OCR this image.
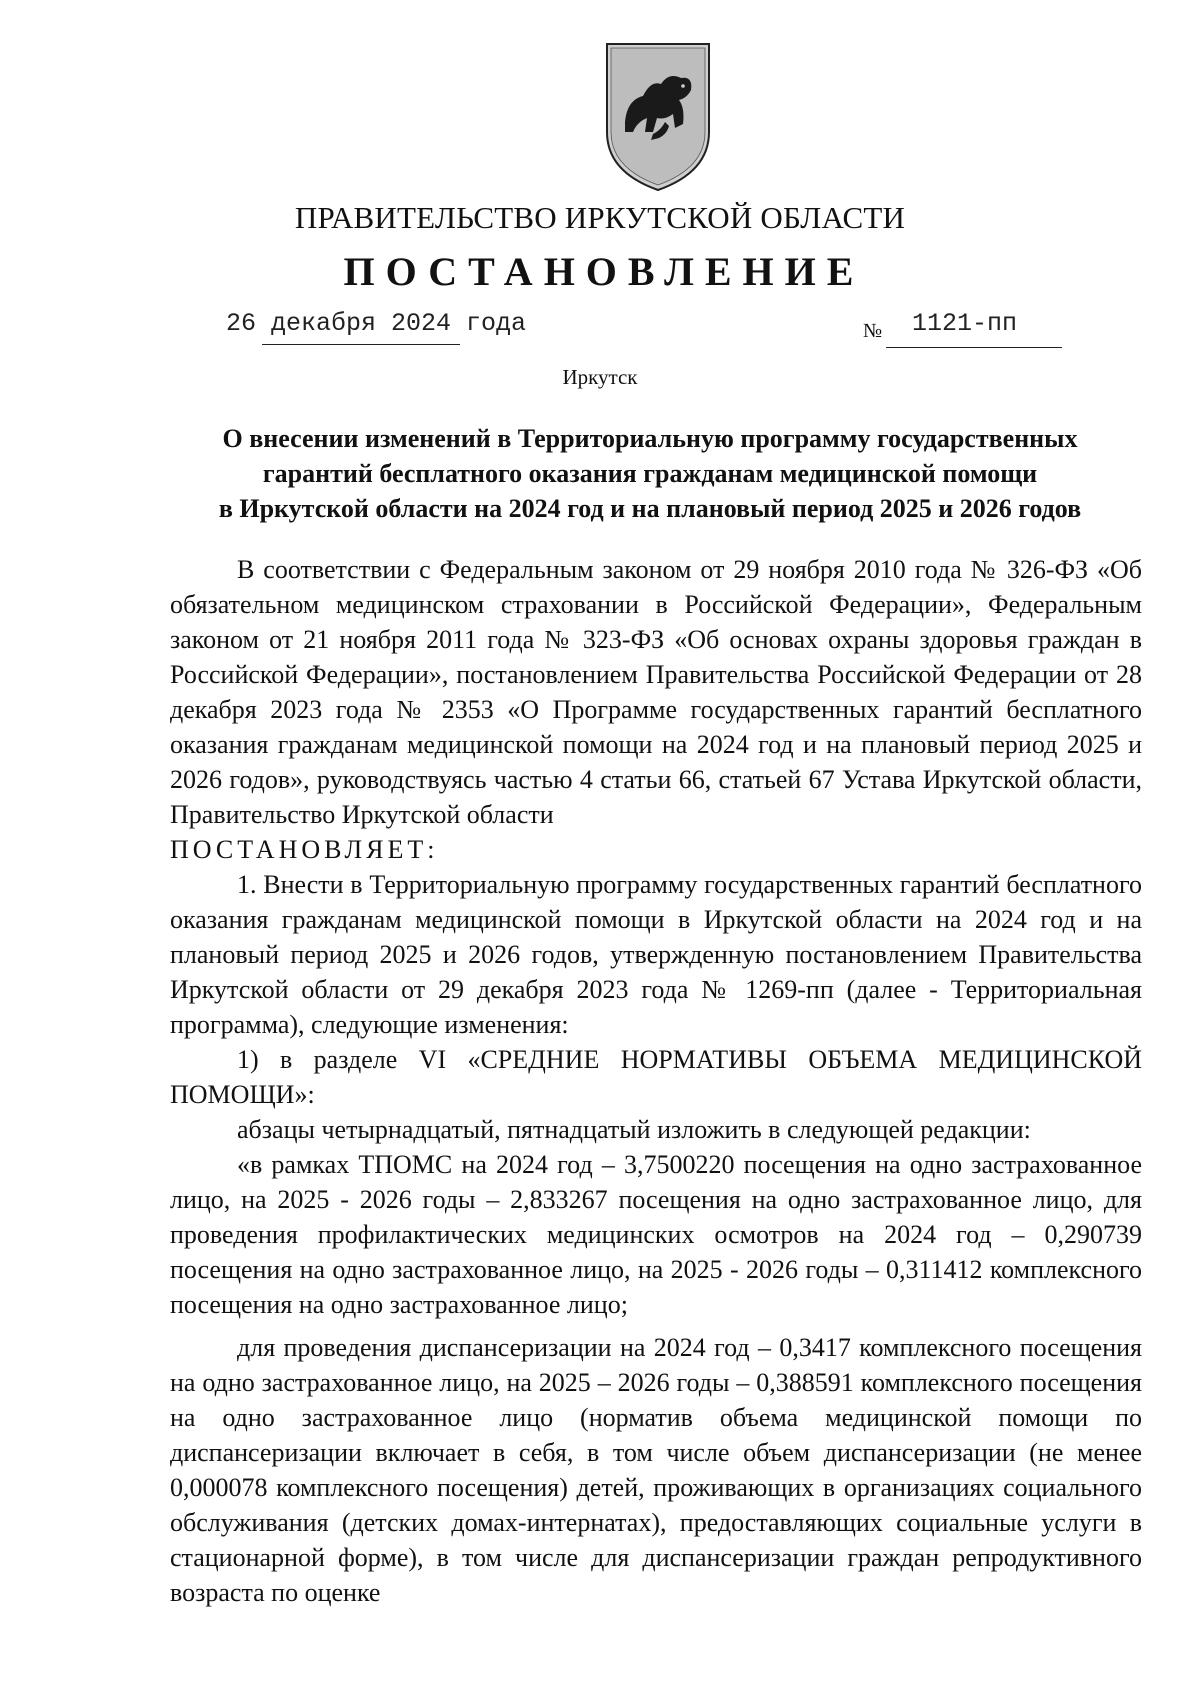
ПРАВИТЕЛЬСТВО ИРКУТСКОЙ ОБЛАСТИ
ПОСТАНОВЛЕНИЕ
26 декабря 2024 года	№ 1121-пп
Иркутск
О внесении изменений в Территориальную программу государственных
гарантий бесплатного оказания гражданам медицинской помощи
в Иркутской области на 2024 год и на плановый период 2025 и 2026 годов

В соответствии с Федеральным законом от 29 ноября 2010 года № 326-ФЗ «Об обязательном медицинском страховании в Российской Федерации», Федеральным законом от 21 ноября 2011 года № 323-ФЗ «Об основах охраны здоровья граждан в Российской Федерации», постановлением Правительства Российской Федерации от 28 декабря 2023 года № 2353 «О Программе государственных гарантий бесплатного оказания гражданам медицинской помощи на 2024 год и на плановый период 2025 и 2026 годов», руководствуясь частью 4 статьи 66, статьей 67 Устава Иркутской области, Правительство Иркутской области

ПОСТАНОВЛЯЕТ:

1. Внести в Территориальную программу государственных гарантий бесплатного оказания гражданам медицинской помощи в Иркутской области на 2024 год и на плановый период 2025 и 2026 годов, утвержденную постановлением Правительства Иркутской области от 29 декабря 2023 года № 1269-пп (далее - Территориальная программа), следующие изменения:

1) в разделе VI «СРЕДНИЕ НОРМАТИВЫ ОБЪЕМА МЕДИЦИНСКОЙ ПОМОЩИ»:

абзацы четырнадцатый, пятнадцатый изложить в следующей редакции:

«в рамках ТПОМС на 2024 год – 3,7500220 посещения на одно застрахованное лицо, на 2025 - 2026 годы – 2,833267 посещения на одно застрахованное лицо, для проведения профилактических медицинских осмотров на 2024 год – 0,290739 посещения на одно застрахованное лицо, на 2025 - 2026 годы – 0,311412 комплексного посещения на одно застрахованное лицо;

для проведения диспансеризации на 2024 год – 0,3417 комплексного посещения на одно застрахованное лицо, на 2025 – 2026 годы – 0,388591 комплексного посещения на одно застрахованное лицо (норматив объема медицинской помощи по диспансеризации включает в себя, в том числе объем диспансеризации (не менее 0,000078 комплексного посещения) детей, проживающих в организациях социального обслуживания (детских домах-интернатах), предоставляющих социальные услуги в стационарной форме), в том числе для диспансеризации граждан репродуктивного возраста по оценке
